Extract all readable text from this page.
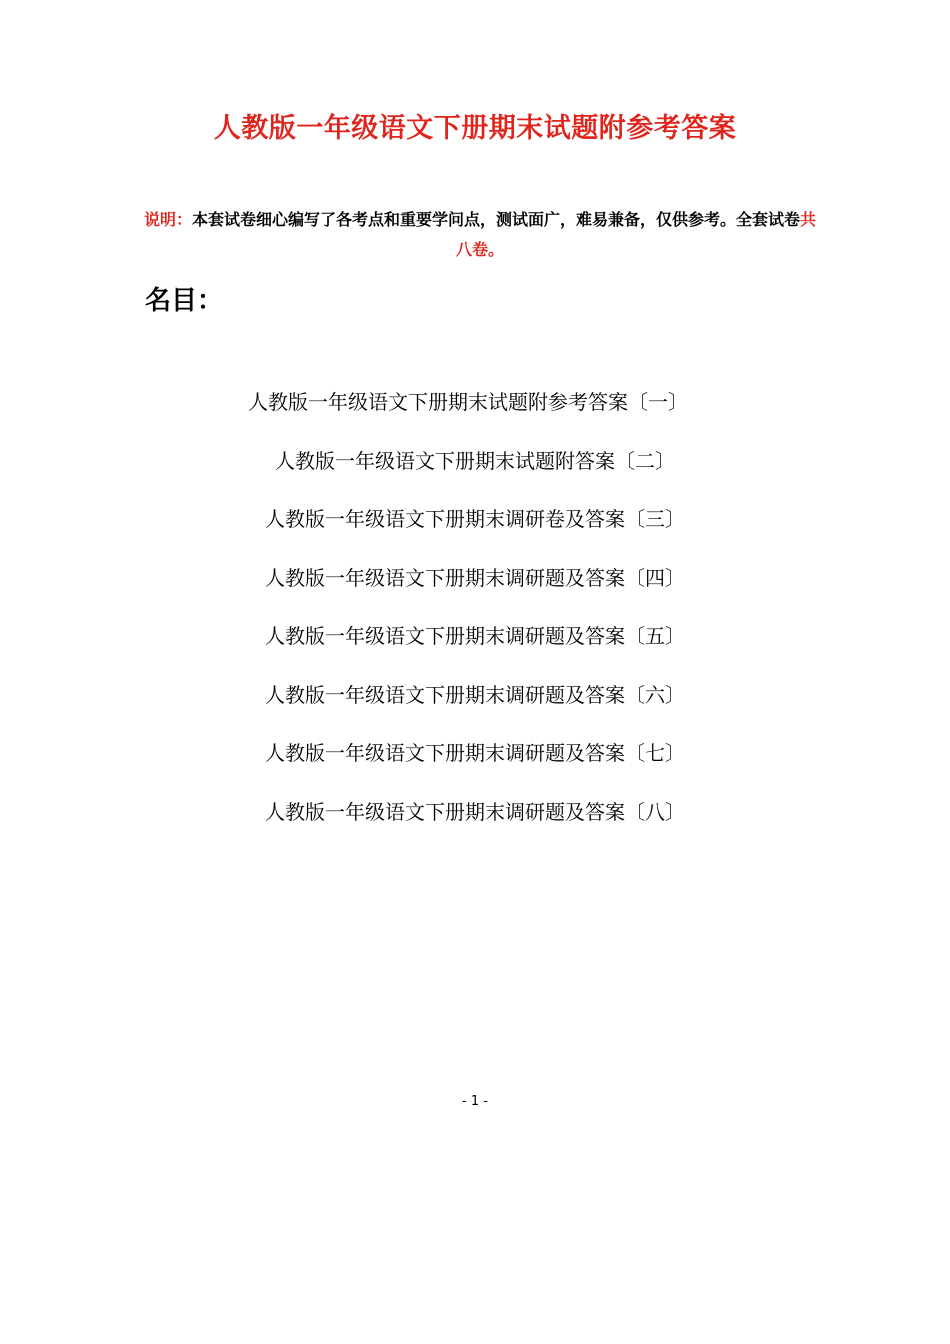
人教版一年级语文下册期末试题附参考答案
说明：本套试卷细心编写了各考点和重要学问点，测试面广，难易兼备，仅供参考。全套试卷共八卷。
名目：
人教版一年级语文下册期末试题附参考答案〔一〕
人教版一年级语文下册期末试题附答案〔二〕
人教版一年级语文下册期末调研卷及答案〔三〕
人教版一年级语文下册期末调研题及答案〔四〕
人教版一年级语文下册期末调研题及答案〔五〕
人教版一年级语文下册期末调研题及答案〔六〕
人教版一年级语文下册期末调研题及答案〔七〕
人教版一年级语文下册期末调研题及答案〔八〕
- 1 -
